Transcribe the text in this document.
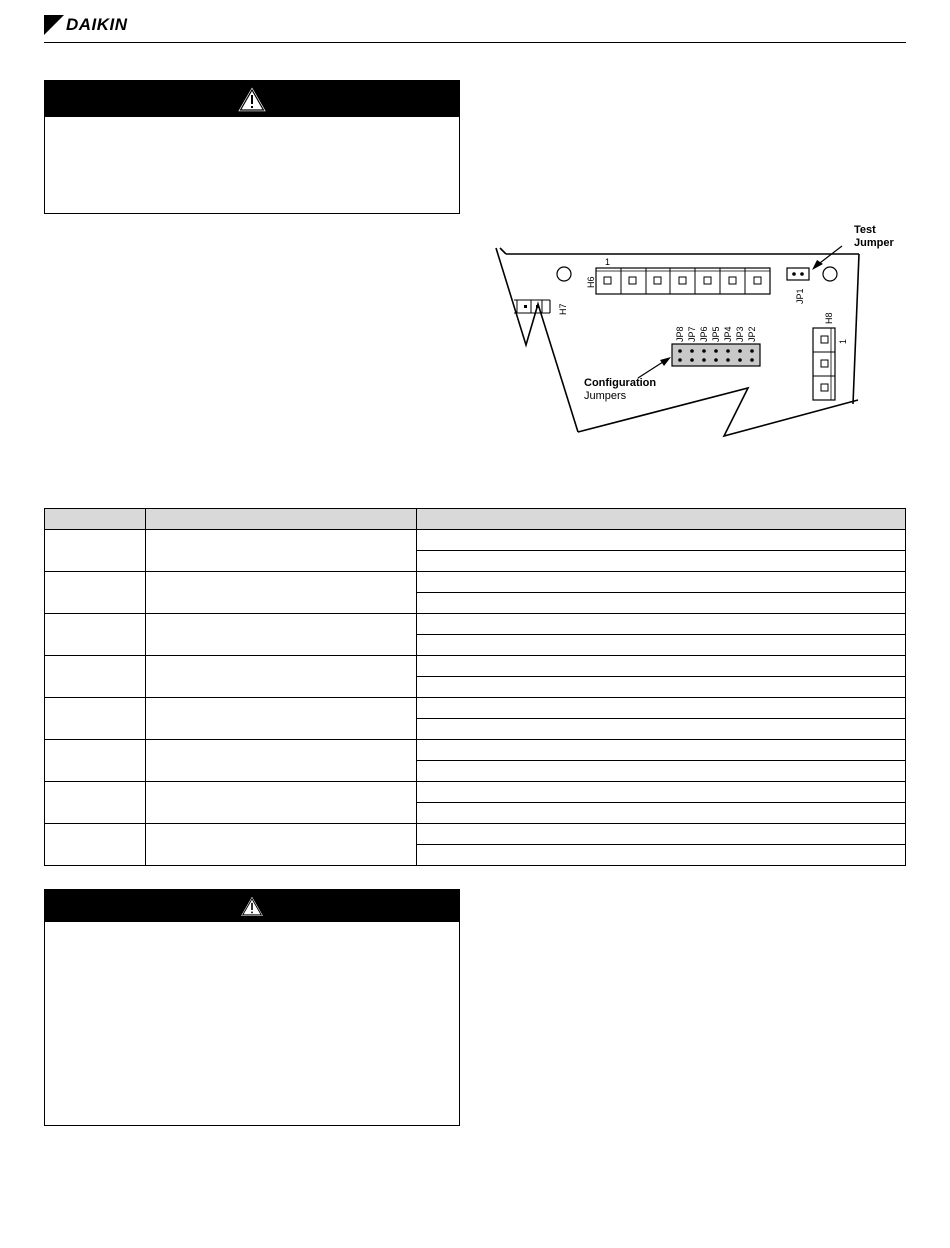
DAIKIN
1
H6
H7
JP1
Test
Jumper
H8
1
JP8 JP7 JP6 JP5 JP4 JP3 JP2
Configuration
Jumpers
